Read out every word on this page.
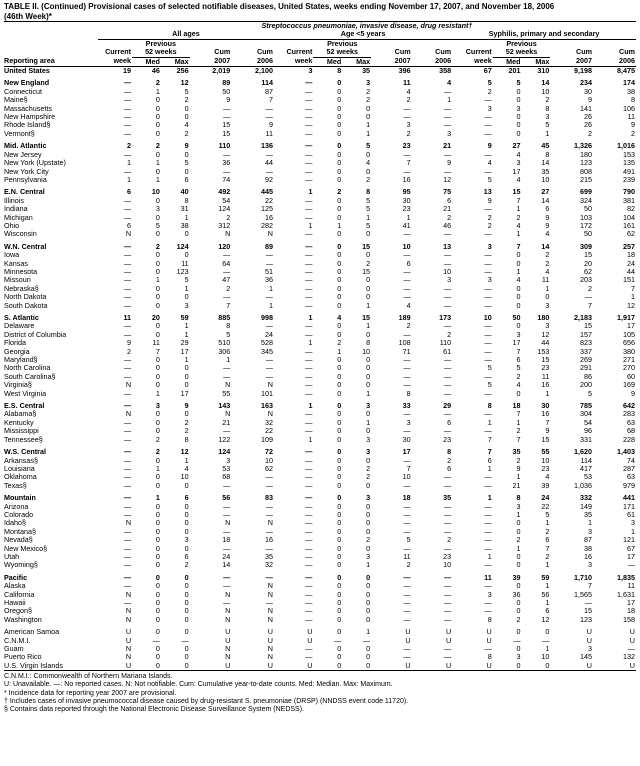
TABLE II. (Continued) Provisional cases of selected notifiable diseases, United States, weeks ending November 17, 2007, and November 18, 2006
(46th Week)*
	Streptococcus pneumoniae, invasive disease, drug resistant†														
	All ages					Age <5 years					Syphilis, primary and secondary				
		Previous					Previous					Previous			
	Current	52 weeks		Cum	Cum	Current	52 weeks		Cum	Cum	Current	52 weeks		Cum	Cum
Reporting area	week	Med	Max	2007	2006	week	Med	Max	2007	2006	week	Med	Max	2007	2006
United States	19	46	256	2,019	2,100	3	8	35	396	358	67	201	310	9,198	8,475

New England	—	2	12	89	114	—	0	3	11	4	5	5	14	234	174
Connecticut	—	1	5	50	87	—	0	2	4	—	2	0	10	30	38
Maine§	—	0	2	9	7	—	0	2	2	1	—	0	2	9	8
Massachusetts	—	0	0	—	—	—	0	0	—	—	3	3	8	141	106
New Hampshire	—	0	0	—	—	—	0	0	—	—	—	0	3	26	11
Rhode Island§	—	0	4	15	9	—	0	1	3	—	—	0	5	26	9
Vermont§	—	0	2	15	11	—	0	1	2	3	—	0	1	2	2

Mid. Atlantic	2	2	9	110	136	—	0	5	23	21	9	27	45	1,326	1,016
New Jersey	—	0	0	—	—	—	0	0	—	—	—	4	8	180	153
New York (Upstate)	1	1	5	36	44	—	0	4	7	9	4	3	14	123	135
New York City	—	0	0	—	—	—	0	0	—	—	—	17	35	808	491
Pennsylvania	1	1	6	74	92	—	0	2	16	12	5	4	10	215	239

E.N. Central	6	10	40	492	445	1	2	8	95	75	13	15	27	699	790
Illinois	—	0	8	54	22	—	0	5	30	6	9	7	14	324	381
Indiana	—	3	31	124	125	—	0	5	23	21	—	1	6	50	82
Michigan	—	0	1	2	16	—	0	1	1	2	2	2	9	103	104
Ohio	6	5	38	312	282	1	1	5	41	46	2	4	9	172	161
Wisconsin	N	0	0	N	N	—	0	0	—	—	—	1	4	50	62

W.N. Central	—	2	124	120	89	—	0	15	10	13	3	7	14	309	257
Iowa	—	0	0	—	—	—	0	0	—	—	—	0	2	15	18
Kansas	—	0	11	64	—	—	0	2	6	—	—	0	2	20	24
Minnesota	—	0	123	—	51	—	0	15	—	10	—	1	4	62	44
Missouri	—	1	5	47	36	—	0	0	—	3	3	4	11	203	151
Nebraska§	—	0	1	2	1	—	0	0	—	—	—	0	1	2	7
North Dakota	—	0	0	—	—	—	0	0	—	—	—	0	0	—	1
South Dakota	—	0	3	7	1	—	0	1	4	—	—	0	3	7	12

S. Atlantic	11	20	59	885	998	1	4	15	189	173	10	50	180	2,183	1,917
Delaware	—	0	1	8	—	—	0	1	2	—	—	0	3	15	17
District of Columbia	—	0	1	5	24	—	0	0	—	2	—	3	12	157	105
Florida	9	11	29	510	528	1	2	8	108	110	—	17	44	823	656
Georgia	2	7	17	306	345	—	1	10	71	61	—	7	153	337	380
Maryland§	—	0	1	1	—	—	0	0	—	—	—	6	15	269	271
North Carolina	—	0	0	—	—	—	0	0	—	—	5	5	23	291	270
South Carolina§	—	0	0	—	—	—	0	0	—	—	—	2	11	86	60
Virginia§	N	0	0	N	N	—	0	0	—	—	5	4	16	200	169
West Virginia	—	1	17	55	101	—	0	1	8	—	—	0	1	5	9

E.S. Central	—	3	9	143	163	1	0	3	33	29	8	18	30	785	642
Alabama§	N	0	0	N	N	—	0	0	—	—	—	7	16	304	283
Kentucky	—	0	2	21	32	—	0	1	3	6	1	1	7	54	63
Mississippi	—	0	2	—	22	—	0	0	—	—	—	2	9	96	68
Tennessee§	—	2	8	122	109	1	0	3	30	23	7	7	15	331	228

W.S. Central	—	2	12	124	72	—	0	3	17	8	7	35	55	1,620	1,403
Arkansas§	—	0	1	3	10	—	0	0	—	2	6	2	10	114	74
Louisiana	—	1	4	53	62	—	0	2	7	6	1	9	23	417	287
Oklahoma	—	0	10	68	—	—	0	2	10	—	—	1	4	53	63
Texas§	—	0	0	—	—	—	0	0	—	—	—	21	39	1,036	979

Mountain	—	1	6	56	83	—	0	3	18	35	1	8	24	332	441
Arizona	—	0	0	—	—	—	0	0	—	—	—	3	22	149	171
Colorado	—	0	0	—	—	—	0	0	—	—	—	1	5	35	61
Idaho§	N	0	0	N	N	—	0	0	—	—	—	0	1	1	3
Montana§	—	0	0	—	—	—	0	0	—	—	—	0	2	3	1
Nevada§	—	0	3	18	16	—	0	2	5	2	—	2	6	87	121
New Mexico§	—	0	0	—	—	—	0	0	—	—	—	1	7	38	67
Utah	—	0	6	24	35	—	0	3	11	23	1	0	2	16	17
Wyoming§	—	0	2	14	32	—	0	1	2	10	—	0	1	3	—

Pacific	—	0	0	—	—	—	0	0	—	—	11	39	59	1,710	1,835
Alaska	—	0	0	—	N	—	0	0	—	—	—	0	1	7	11
California	N	0	0	N	N	—	0	0	—	—	3	36	56	1,565	1,631
Hawaii	—	0	0	—	—	—	0	0	—	—	—	0	1	—	17
Oregon§	N	0	0	N	N	—	0	0	—	—	—	0	6	15	18
Washington	N	0	0	N	N	—	0	0	—	—	8	2	12	123	158

American Samoa	U	0	0	U	U	U	0	1	U	U	U	0	0	U	U
C.N.M.I.	U	—	—	U	U	U	—	—	U	U	U	—	—	U	U
Guam	N	0	0	N	N	—	0	0	—	—	—	0	1	3	—
Puerto Rico	N	0	0	N	N	—	0	0	—	—	8	3	10	145	132
U.S. Virgin Islands	U	0	0	U	U	U	0	0	U	U	U	0	0	U	U
C.N.M.I.: Commonwealth of Northern Mariana Islands.
U: Unavailable. —: No reported cases. N: Not notifiable. Cum: Cumulative year-to-date counts. Med: Median. Max: Maximum.
* Incidence data for reporting year 2007 are provisional.
† Includes cases of invasive pneumococcal disease caused by drug-resistant S. pneumoniae (DRSP) (NNDSS event code 11720).
§ Contains data reported through the National Electronic Disease Surveillance System (NEDSS).
